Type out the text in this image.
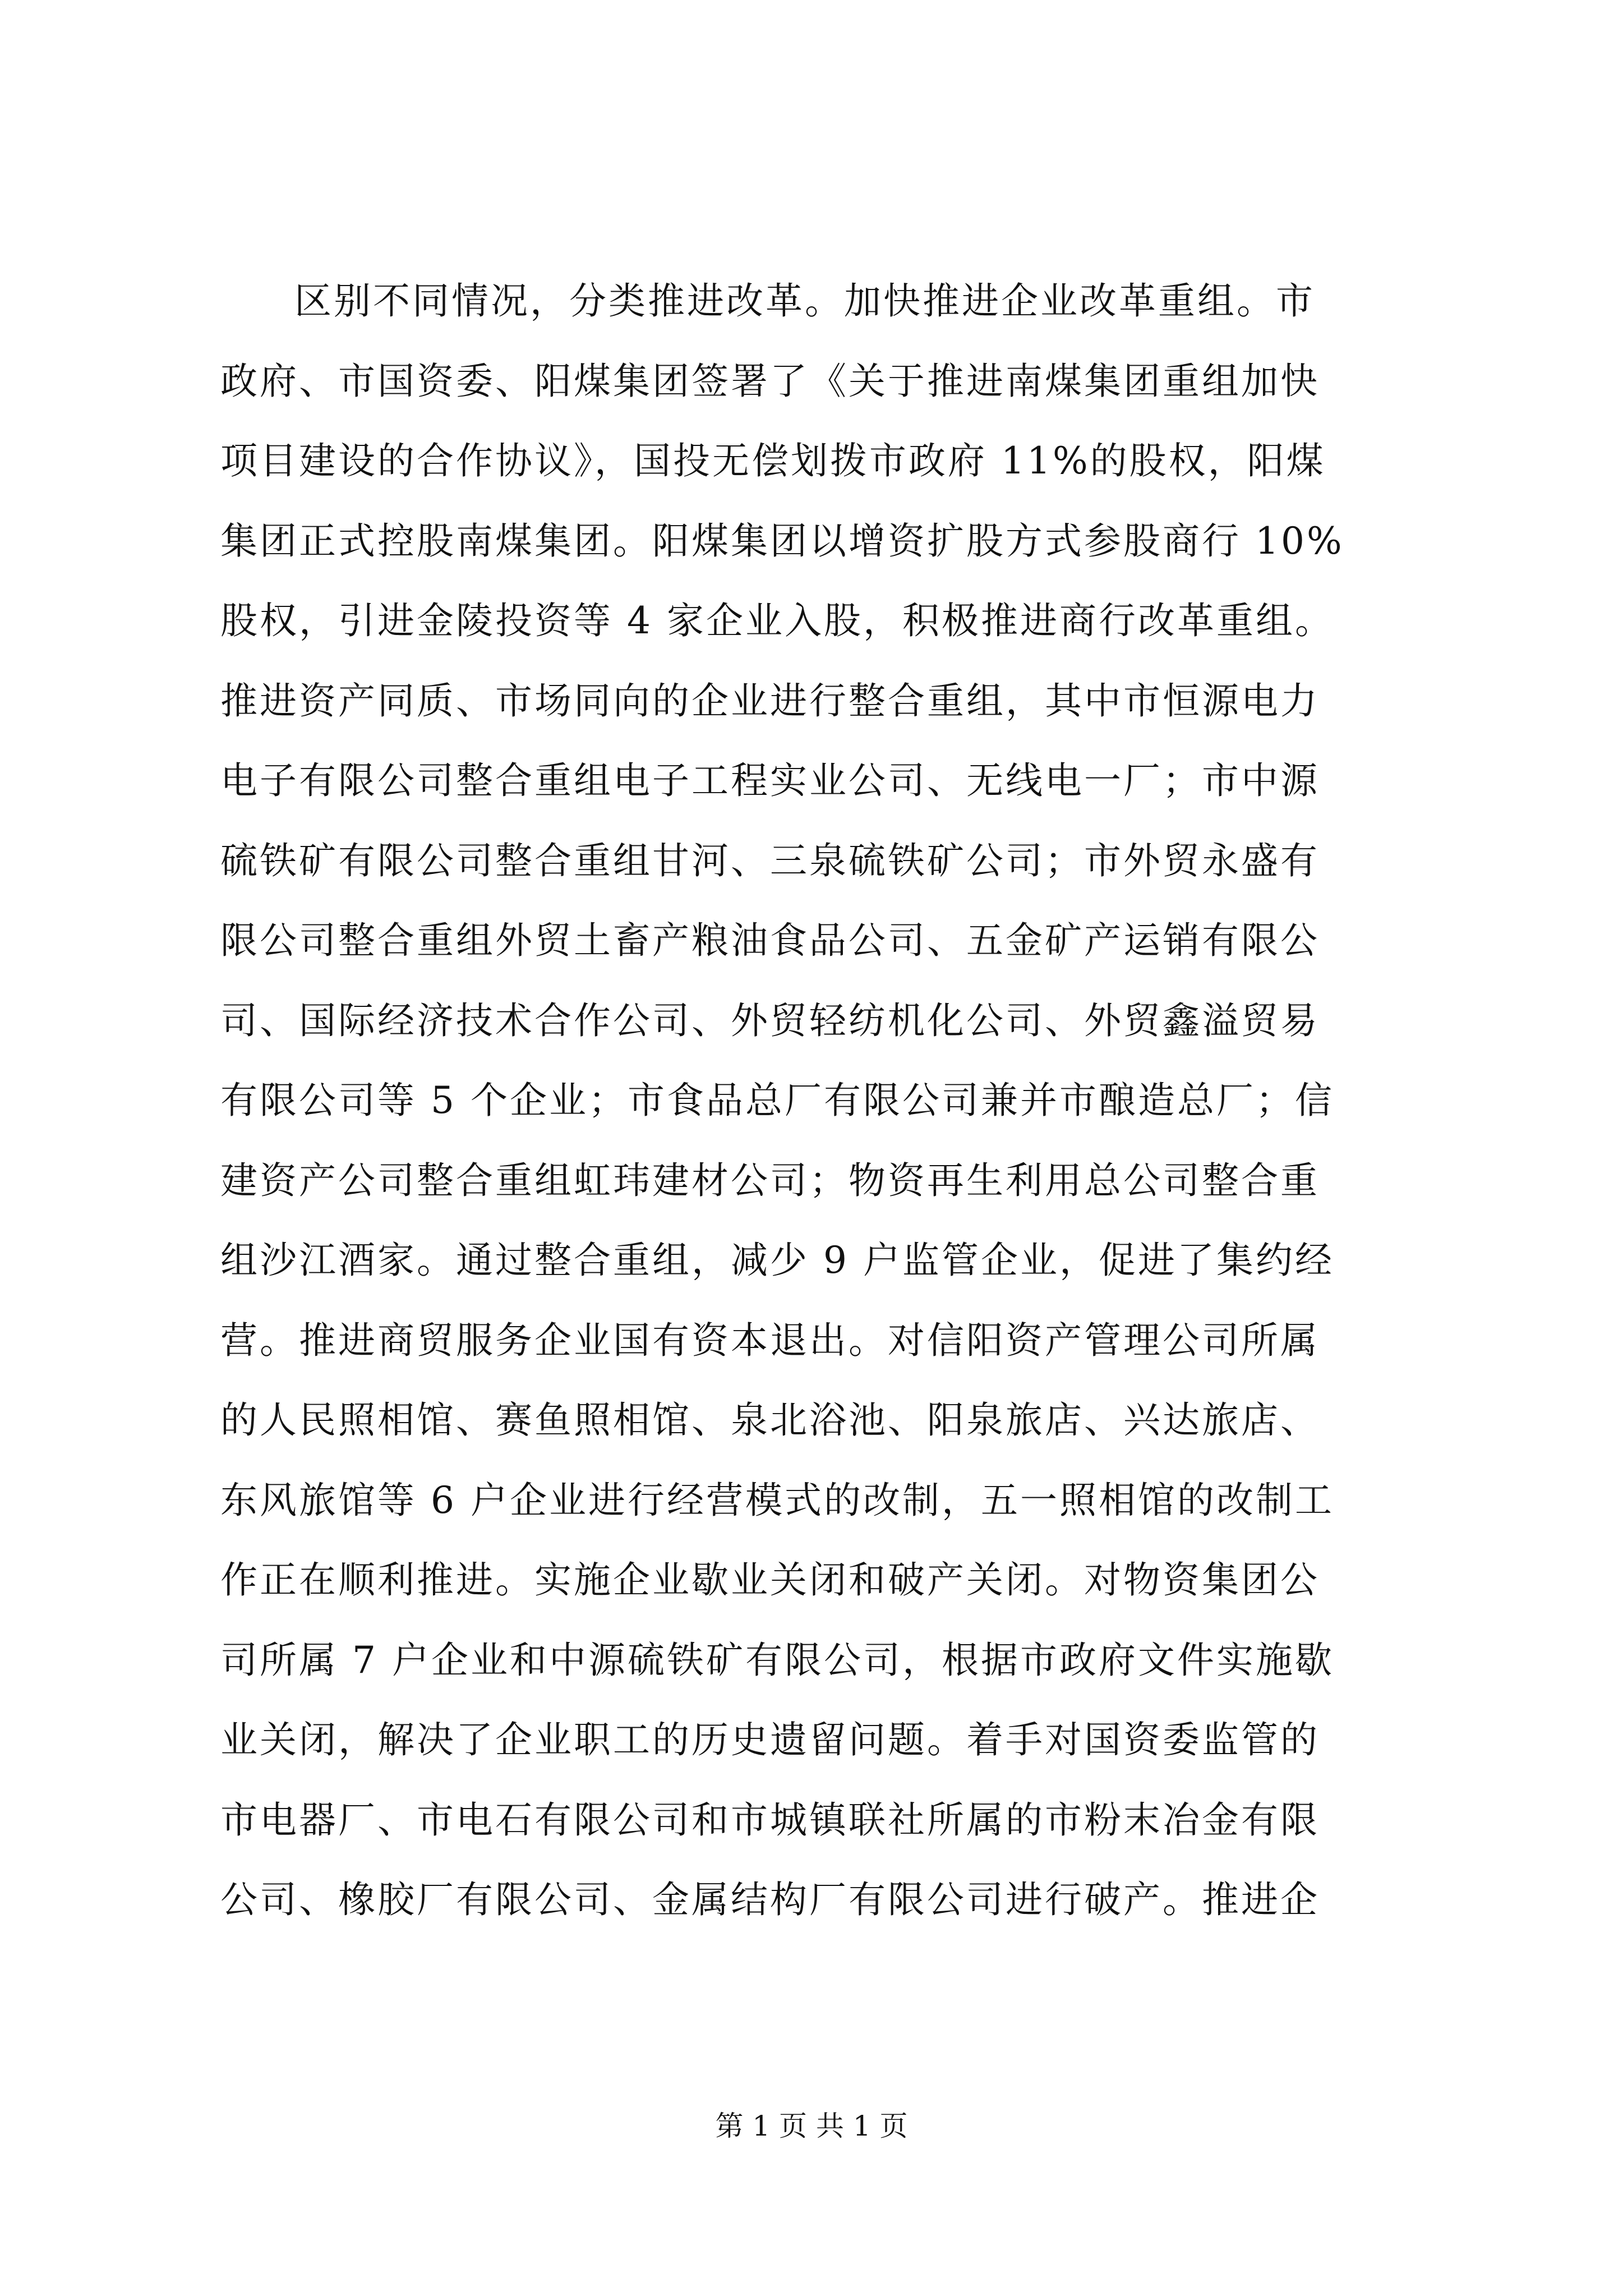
区别不同情况，分类推进改革。加快推进企业改革重组。市
政府、市国资委、阳煤集团签署了《关于推进南煤集团重组加快
项目建设的合作协议》，国投无偿划拨市政府 11%的股权，阳煤
集团正式控股南煤集团。阳煤集团以增资扩股方式参股商行 10%
股权，引进金陵投资等 4 家企业入股，积极推进商行改革重组。
推进资产同质、市场同向的企业进行整合重组，其中市恒源电力
电子有限公司整合重组电子工程实业公司、无线电一厂；市中源
硫铁矿有限公司整合重组甘河、三泉硫铁矿公司；市外贸永盛有
限公司整合重组外贸土畜产粮油食品公司、五金矿产运销有限公
司、国际经济技术合作公司、外贸轻纺机化公司、外贸鑫溢贸易
有限公司等 5 个企业；市食品总厂有限公司兼并市酿造总厂；信
建资产公司整合重组虹玮建材公司；物资再生利用总公司整合重
组沙江酒家。通过整合重组，减少 9 户监管企业，促进了集约经
营。推进商贸服务企业国有资本退出。对信阳资产管理公司所属
的人民照相馆、赛鱼照相馆、泉北浴池、阳泉旅店、兴达旅店、
东风旅馆等 6 户企业进行经营模式的改制，五一照相馆的改制工
作正在顺利推进。实施企业歇业关闭和破产关闭。对物资集团公
司所属 7 户企业和中源硫铁矿有限公司，根据市政府文件实施歇
业关闭，解决了企业职工的历史遗留问题。着手对国资委监管的
市电器厂、市电石有限公司和市城镇联社所属的市粉末冶金有限
公司、橡胶厂有限公司、金属结构厂有限公司进行破产。推进企
第 1 页 共 1 页
